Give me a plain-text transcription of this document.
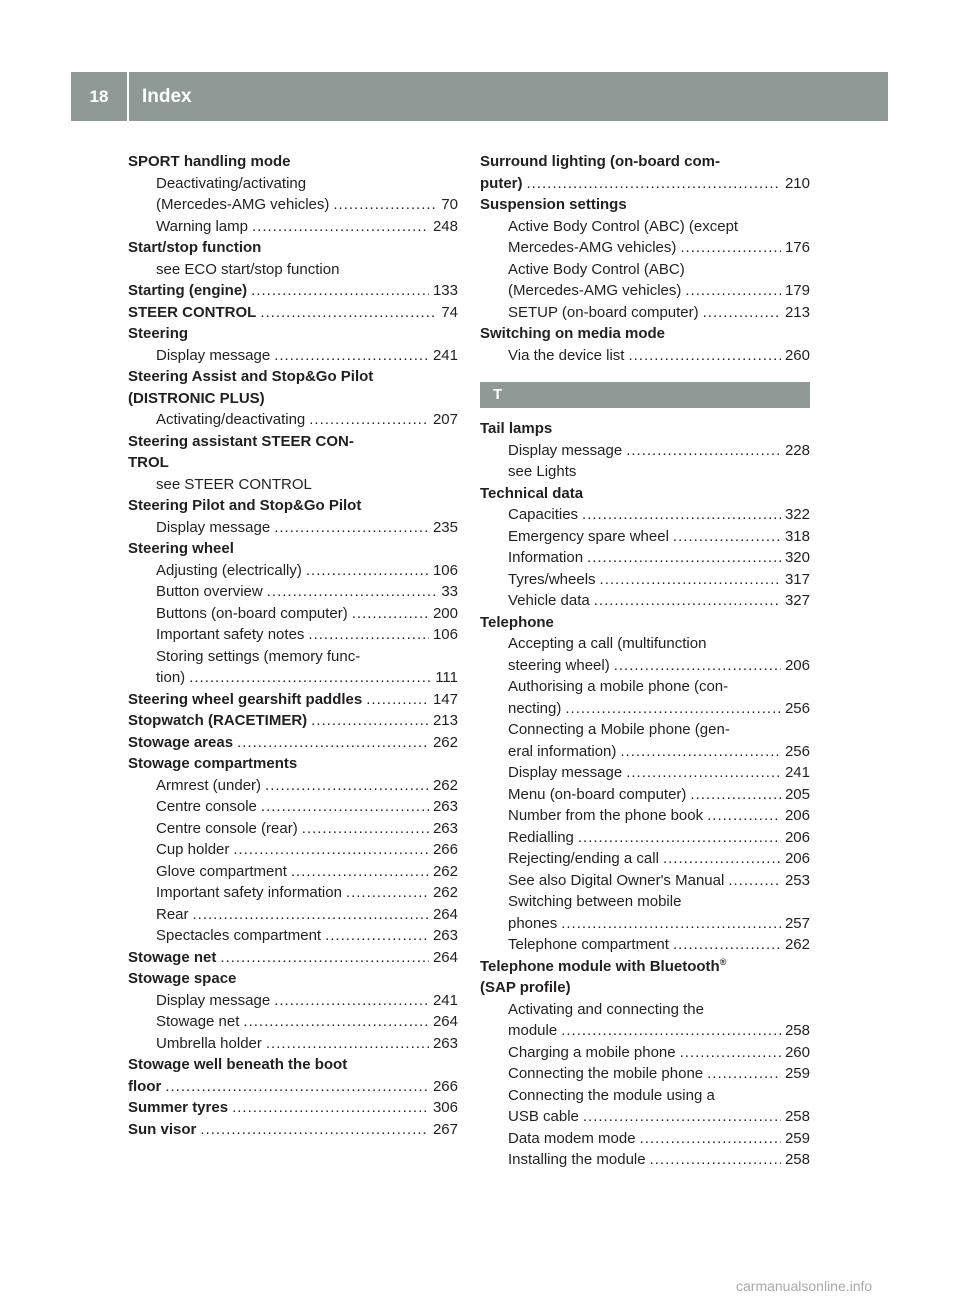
18	Index
SPORT handling mode
Deactivating/activating
(Mercedes-AMG vehicles) .....	70
Warning lamp .....	248
Start/stop function
see ECO start/stop function
Starting (engine) .....	133
STEER CONTROL .....	74
Steering
Display message .....	241
Steering Assist and Stop&Go Pilot
(DISTRONIC PLUS)
Activating/deactivating .....	207
Steering assistant STEER CON-
TROL
see STEER CONTROL
Steering Pilot and Stop&Go Pilot
Display message .....	235
Steering wheel
Adjusting (electrically) .....	106
Button overview .....	33
Buttons (on-board computer) .....	200
Important safety notes .....	106
Storing settings (memory func-
tion) .....	111
Steering wheel gearshift paddles .....	147
Stopwatch (RACETIMER) .....	213
Stowage areas .....	262
Stowage compartments
Armrest (under) .....	262
Centre console .....	263
Centre console (rear) .....	263
Cup holder .....	266
Glove compartment .....	262
Important safety information .....	262
Rear .....	264
Spectacles compartment .....	263
Stowage net .....	264
Stowage space
Display message .....	241
Stowage net .....	264
Umbrella holder .....	263
Stowage well beneath the boot
floor .....	266
Summer tyres .....	306
Sun visor .....	267
Surround lighting (on-board com-
puter) .....	210
Suspension settings
Active Body Control (ABC) (except
Mercedes-AMG vehicles) .....	176
Active Body Control (ABC)
(Mercedes-AMG vehicles) .....	179
SETUP (on-board computer) .....	213
Switching on media mode
Via the device list .....	260
T
Tail lamps
Display message .....	228
see Lights
Technical data
Capacities .....	322
Emergency spare wheel .....	318
Information .....	320
Tyres/wheels .....	317
Vehicle data .....	327
Telephone
Accepting a call (multifunction
steering wheel) .....	206
Authorising a mobile phone (con-
necting) .....	256
Connecting a Mobile phone (gen-
eral information) .....	256
Display message .....	241
Menu (on-board computer) .....	205
Number from the phone book .....	206
Redialling .....	206
Rejecting/ending a call .....	206
See also Digital Owner's Manual .....	253
Switching between mobile
phones .....	257
Telephone compartment .....	262
Telephone module with Bluetooth®
(SAP profile)
Activating and connecting the
module .....	258
Charging a mobile phone .....	260
Connecting the mobile phone .....	259
Connecting the module using a
USB cable .....	258
Data modem mode .....	259
Installing the module .....	258
carmanualsonline.info
